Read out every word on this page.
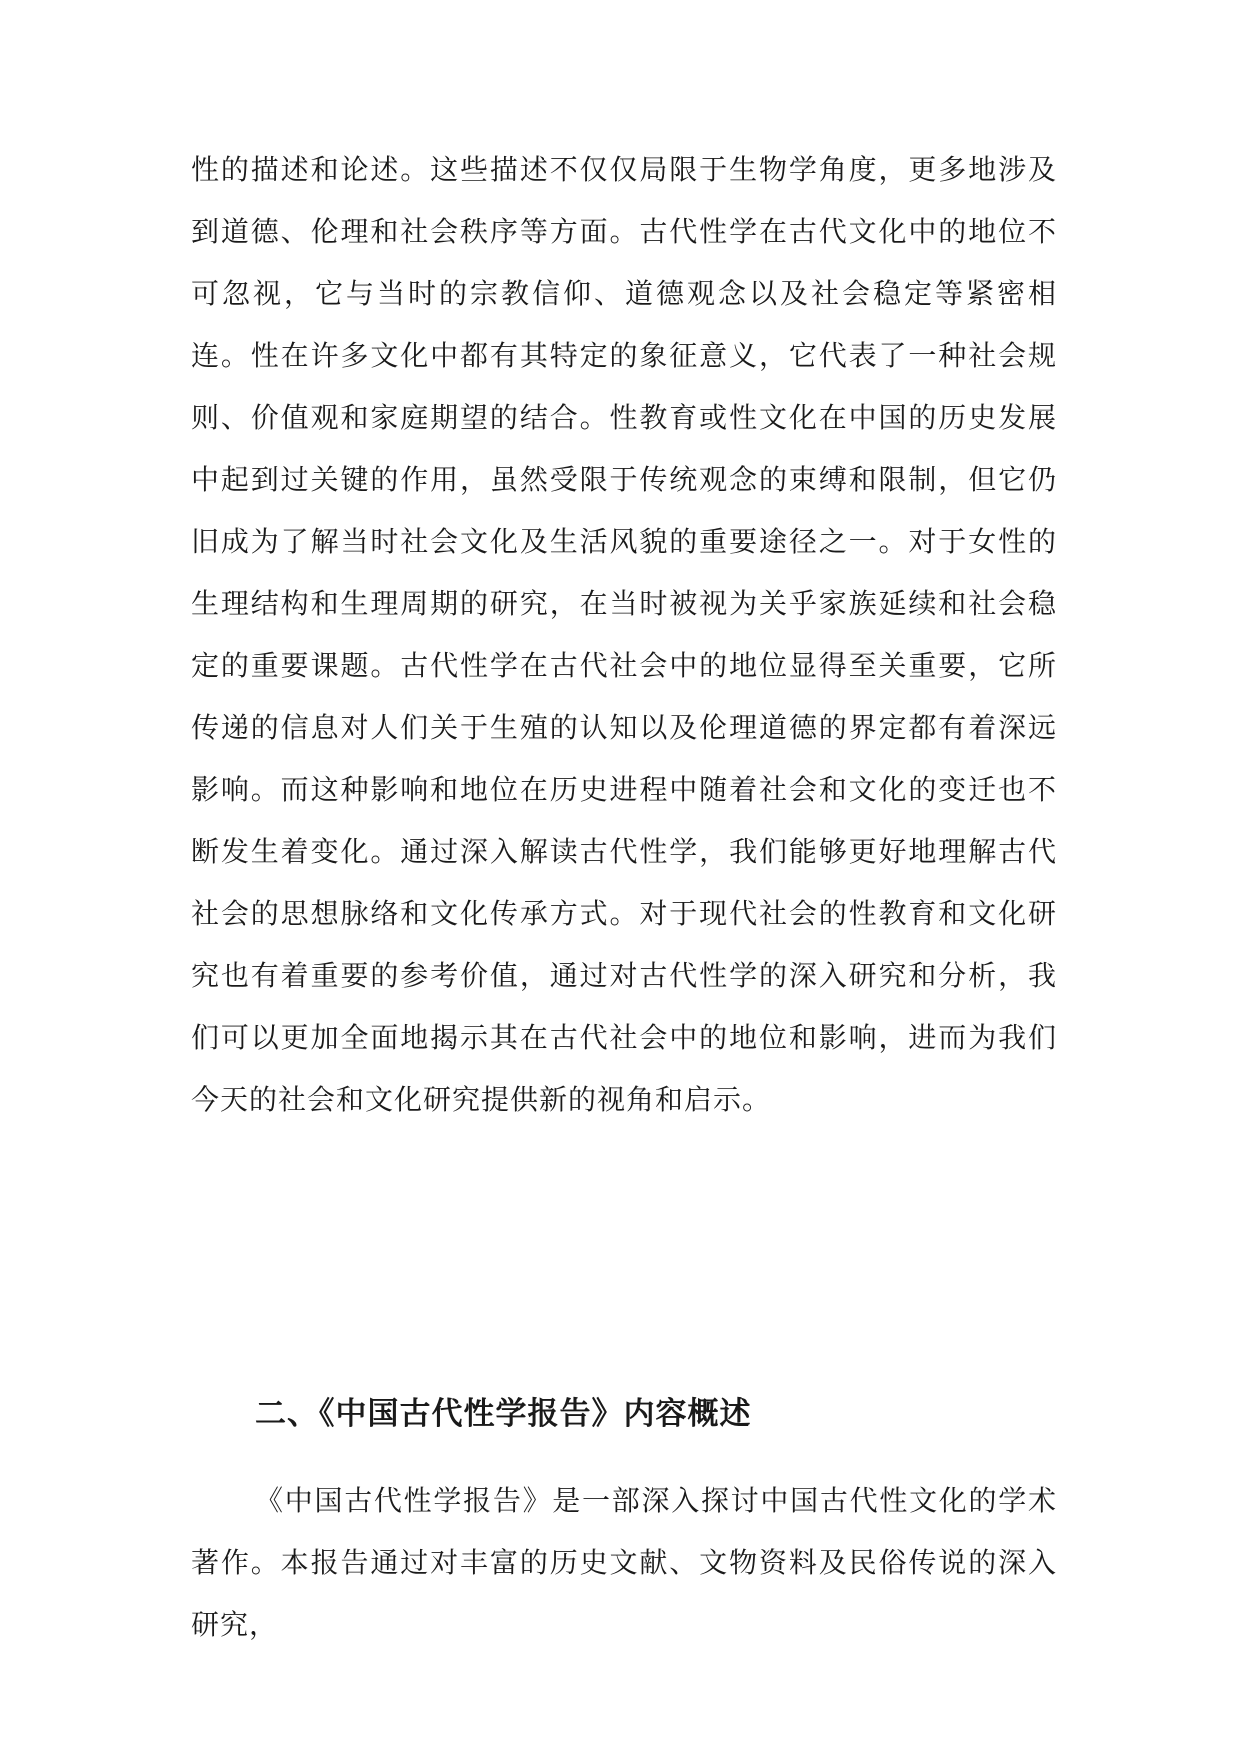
性的描述和论述。这些描述不仅仅局限于生物学角度，更多地涉及到道德、伦理和社会秩序等方面。古代性学在古代文化中的地位不可忽视，它与当时的宗教信仰、道德观念以及社会稳定等紧密相连。性在许多文化中都有其特定的象征意义，它代表了一种社会规则、价值观和家庭期望的结合。性教育或性文化在中国的历史发展中起到过关键的作用，虽然受限于传统观念的束缚和限制，但它仍旧成为了解当时社会文化及生活风貌的重要途径之一。对于女性的生理结构和生理周期的研究，在当时被视为关乎家族延续和社会稳定的重要课题。古代性学在古代社会中的地位显得至关重要，它所传递的信息对人们关于生殖的认知以及伦理道德的界定都有着深远影响。而这种影响和地位在历史进程中随着社会和文化的变迁也不断发生着变化。通过深入解读古代性学，我们能够更好地理解古代社会的思想脉络和文化传承方式。对于现代社会的性教育和文化研究也有着重要的参考价值，通过对古代性学的深入研究和分析，我们可以更加全面地揭示其在古代社会中的地位和影响，进而为我们今天的社会和文化研究提供新的视角和启示。

二、《中国古代性学报告》内容概述

《中国古代性学报告》是一部深入探讨中国古代性文化的学术著作。本报告通过对丰富的历史文献、文物资料及民俗传说的深入研究，
